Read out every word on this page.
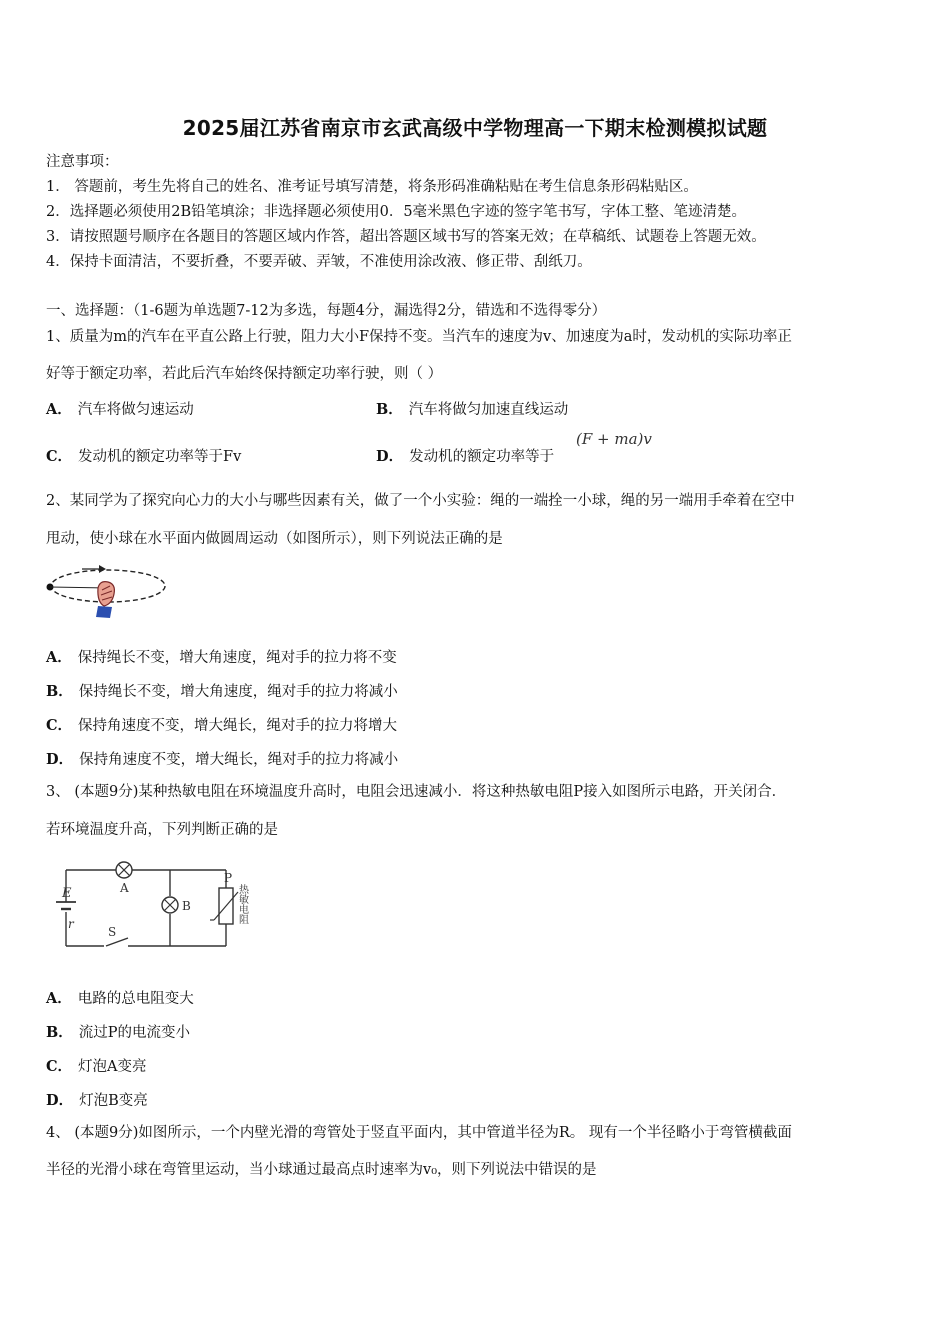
2025届江苏省南京市玄武高级中学物理高一下期末检测模拟试题
注意事项：
1． 答题前，考生先将自己的姓名、准考证号填写清楚，将条形码准确粘贴在考生信息条形码粘贴区。
2．选择题必须使用2B铅笔填涂；非选择题必须使用0．5毫米黑色字迹的签字笔书写，字体工整、笔迹清楚。
3．请按照题号顺序在各题目的答题区域内作答，超出答题区域书写的答案无效；在草稿纸、试题卷上答题无效。
4．保持卡面清洁，不要折叠，不要弄破、弄皱，不准使用涂改液、修正带、刮纸刀。
一、选择题：（1-6题为单选题7-12为多选，每题4分，漏选得2分，错选和不选得零分）
1、质量为m的汽车在平直公路上行驶，阻力大小F保持不变。当汽车的速度为v、加速度为a时，发动机的实际功率正
好等于额定功率，若此后汽车始终保持额定功率行驶，则（ ）
A． 汽车将做匀速运动	B． 汽车将做匀加速直线运动
C． 发动机的额定功率等于Fv	D． 发动机的额定功率等于
(F + ma)v
2、某同学为了探究向心力的大小与哪些因素有关，做了一个小实验：绳的一端拴一小球，绳的另一端用手牵着在空中
甩动，使小球在水平面内做圆周运动（如图所示），则下列说法正确的是
A． 保持绳长不变，增大角速度，绳对手的拉力将不变
B． 保持绳长不变，增大角速度，绳对手的拉力将减小
C． 保持角速度不变，增大绳长，绳对手的拉力将增大
D． 保持角速度不变，增大绳长，绳对手的拉力将减小
3、 (本题9分)某种热敏电阻在环境温度升高时，电阻会迅速减小．将这种热敏电阻P接入如图所示电路，开关闭合．
若环境温度升高，下列判断正确的是
E
r
A
B
S
P
热敏电阻
A． 电路的总电阻变大
B． 流过P的电流变小
C． 灯泡A变亮
D． 灯泡B变亮
4、 (本题9分)如图所示，一个内壁光滑的弯管处于竖直平面内，其中管道半径为R。 现有一个半径略小于弯管横截面
半径的光滑小球在弯管里运动，当小球通过最高点时速率为v₀，则下列说法中错误的是
